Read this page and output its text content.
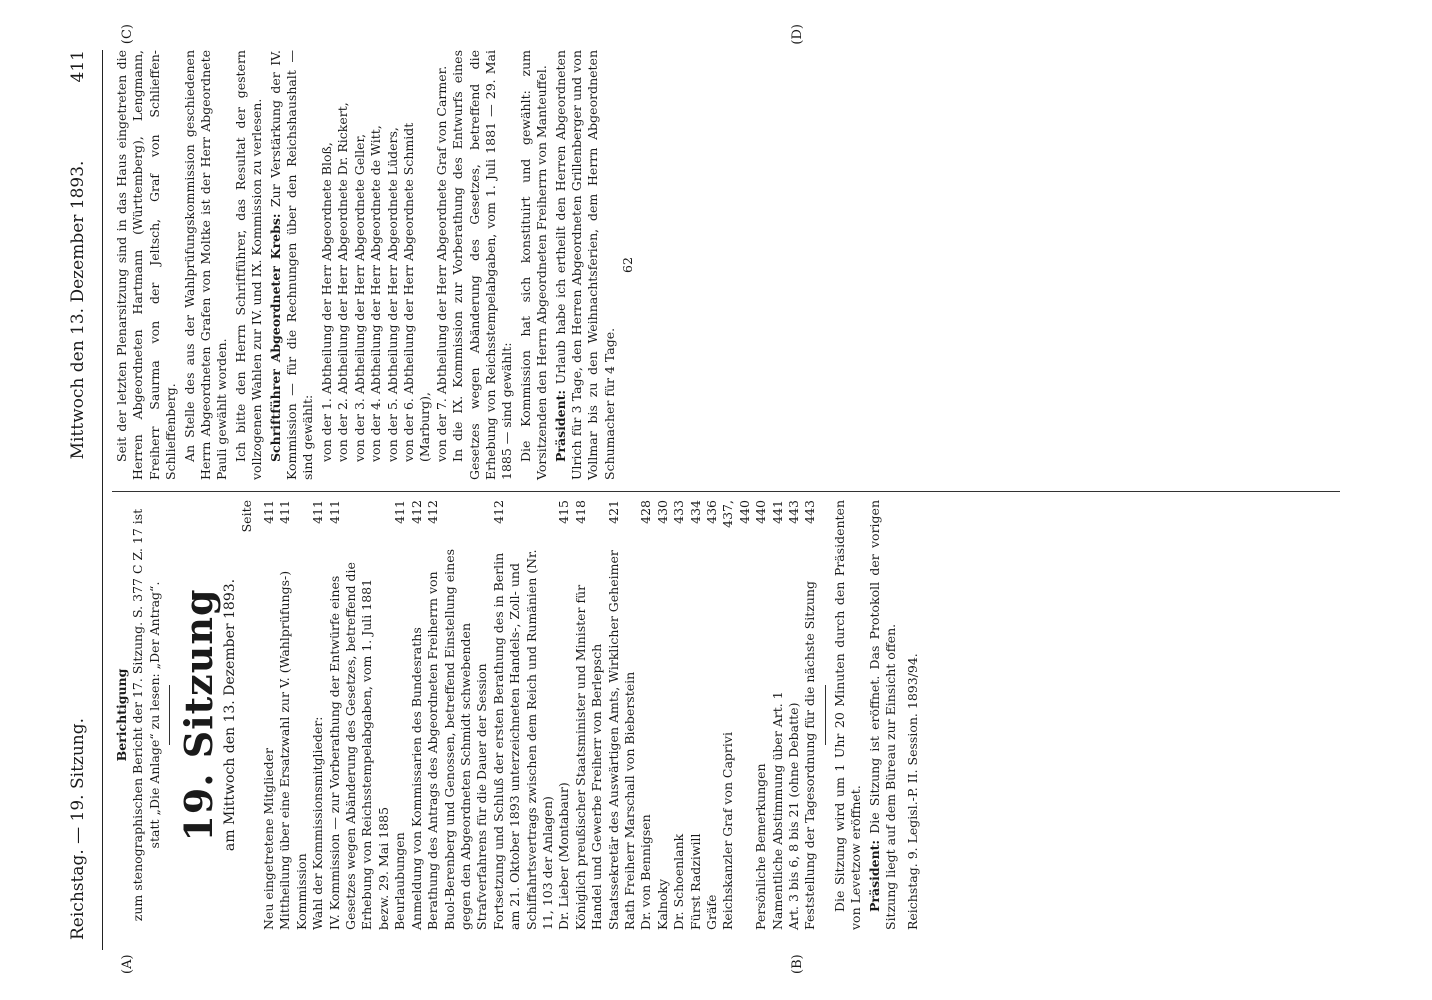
Reichstag. — 19. Sitzung.
Mittwoch den 13. Dezember 1893.
411
(A)	(B)
(C)	(D)
Berichtigung zum stenographischen Bericht der 17. Sitzung. S. 377 C Z. 17 ist statt „Die Anlage“ zu lesen: „Der Antrag“. 19. Sitzung am Mittwoch den 13. Dezember 1893.
Seite
Neu eingetretene Mitglieder
411
Mittheilung über eine Ersatzwahl zur V. (Wahlprüfungs-) Kommission
411
Wahl der Kommissionsmitglieder:
411
IV. Kommission — zur Vorberathung der Entwürfe eines Gesetzes wegen Abänderung des Gesetzes, betreffend die Erhebung von Reichsstempelabgaben, vom 1. Juli 1881 bezw. 29. Mai 1885
411
Beurlaubungen
411
Anmeldung von Kommissarien des Bundesraths
412
Berathung des Antrags des Abgeordneten Freiherrn von Buol-Berenberg und Genossen, betreffend Einstellung eines gegen den Abgeordneten Schmidt schwebenden Strafverfahrens für die Dauer der Session
412
Fortsetzung und Schluß der ersten Berathung des in Berlin am 21. Oktober 1893 unterzeichneten Handels-, Zoll- und Schiffahrtsvertrags zwischen dem Reich und Rumänien (Nr. 11, 103 der Anlagen)
412
Dr. Lieber (Montabaur)
415
Königlich preußischer Staatsminister und Minister für Handel und Gewerbe Freiherr von Berlepsch
418
Staatssekretär des Auswärtigen Amts, Wirklicher Geheimer Rath Freiherr Marschall von Bieberstein
421
Dr. von Bennigsen
428
Kalnoky
430
Dr. Schoenlank
433
Fürst Radziwill
434
Gräfe
436
Reichskanzler Graf von Caprivi
437, 440
Persönliche Bemerkungen
440
Namentliche Abstimmung über Art. 1
441
Art. 3 bis 6, 8 bis 21 (ohne Debatte)
443
Feststellung der Tagesordnung für die nächste Sitzung
443 Die Sitzung wird um 1 Uhr 20 Minuten durch den Präsidenten von Levetzow eröffnet. Präsident: Die Sitzung ist eröffnet. Das Protokoll der vorigen Sitzung liegt auf dem Büreau zur Einsicht offen. Reichstag. 9. Legisl.-P. II. Session. 1893/94.

Seit der letzten Plenarsitzung sind in das Haus eingetreten die Herren Abgeordneten Hartmann (Württemberg), Lengmann, Freiherr Saurma von der Jeltsch, Graf von Schlieffen-Schlieffenberg. An Stelle des aus der Wahlprüfungskommission geschiedenen Herrn Abgeordneten Grafen von Moltke ist der Herr Abgeordnete Pauli gewählt worden. Ich bitte den Herrn Schriftführer, das Resultat der gestern vollzogenen Wahlen zur IV. und IX. Kommission zu verlesen. Schriftführer Abgeordneter Krebs: Zur Verstärkung der IV. Kommission — für die Rechnungen über den Reichshaushalt — sind gewählt: von der 1. Abtheilung der Herr Abgeordnete Bloß, von der 2. Abtheilung der Herr Abgeordnete Dr. Rickert, von der 3. Abtheilung der Herr Abgeordnete Geller, von der 4. Abtheilung der Herr Abgeordnete de Witt, von der 5. Abtheilung der Herr Abgeordnete Lüders, von der 6. Abtheilung der Herr Abgeordnete Schmidt (Marburg), von der 7. Abtheilung der Herr Abgeordnete Graf von Carmer. In die IX. Kommission zur Vorberathung des Entwurfs eines Gesetzes wegen Abänderung des Gesetzes, betreffend die Erhebung von Reichsstempelabgaben, vom 1. Juli 1881 — 29. Mai 1885 — sind gewählt: Die Kommission hat sich konstituirt und gewählt: zum Vorsitzenden den Herrn Abgeordneten Freiherrn von Manteuffel. Präsident: Urlaub habe ich ertheilt den Herren Abgeordneten Ulrich für 3 Tage, den Herren Abgeordneten Grillenberger und von Vollmar bis zu den Weihnachtsferien, dem Herrn Abgeordneten Schumacher für 4 Tage.

62
